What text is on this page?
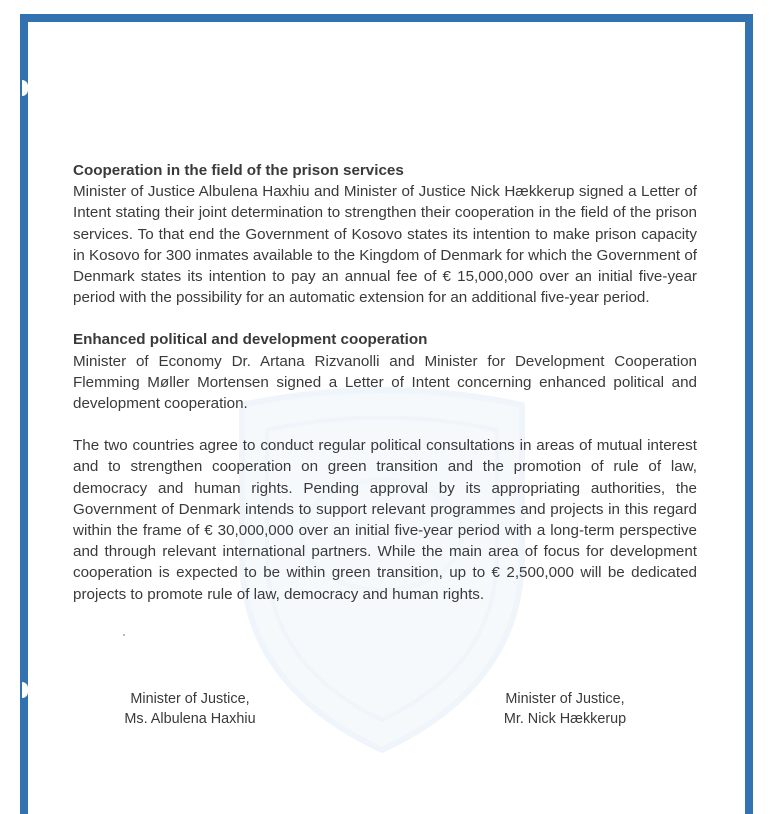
Cooperation in the field of the prison services

Minister of Justice Albulena Haxhiu and Minister of Justice Nick Hækkerup signed a Letter of Intent stating their joint determination to strengthen their cooperation in the field of the prison services. To that end the Government of Kosovo states its intention to make prison capacity in Kosovo for 300 inmates available to the Kingdom of Denmark for which the Government of Denmark states its intention to pay an annual fee of € 15,000,000 over an initial five-year period with the possibility for an automatic extension for an additional five-year period.

Enhanced political and development cooperation

Minister of Economy Dr. Artana Rizvanolli and Minister for Development Cooperation Flemming Møller Mortensen signed a Letter of Intent concerning enhanced political and development cooperation.

The two countries agree to conduct regular political consultations in areas of mutual interest and to strengthen cooperation on green transition and the promotion of rule of law, democracy and human rights. Pending approval by its appropriating authorities, the Government of Denmark intends to support relevant programmes and projects in this regard within the frame of € 30,000,000 over an initial five-year period with a long-term perspective and through relevant international partners. While the main area of focus for development cooperation is expected to be within green transition, up to € 2,500,000 will be dedicated projects to promote rule of law, democracy and human rights.

Minister of Justice,
Ms. Albulena Haxhiu
Minister of Justice,
Mr. Nick Hækkerup
